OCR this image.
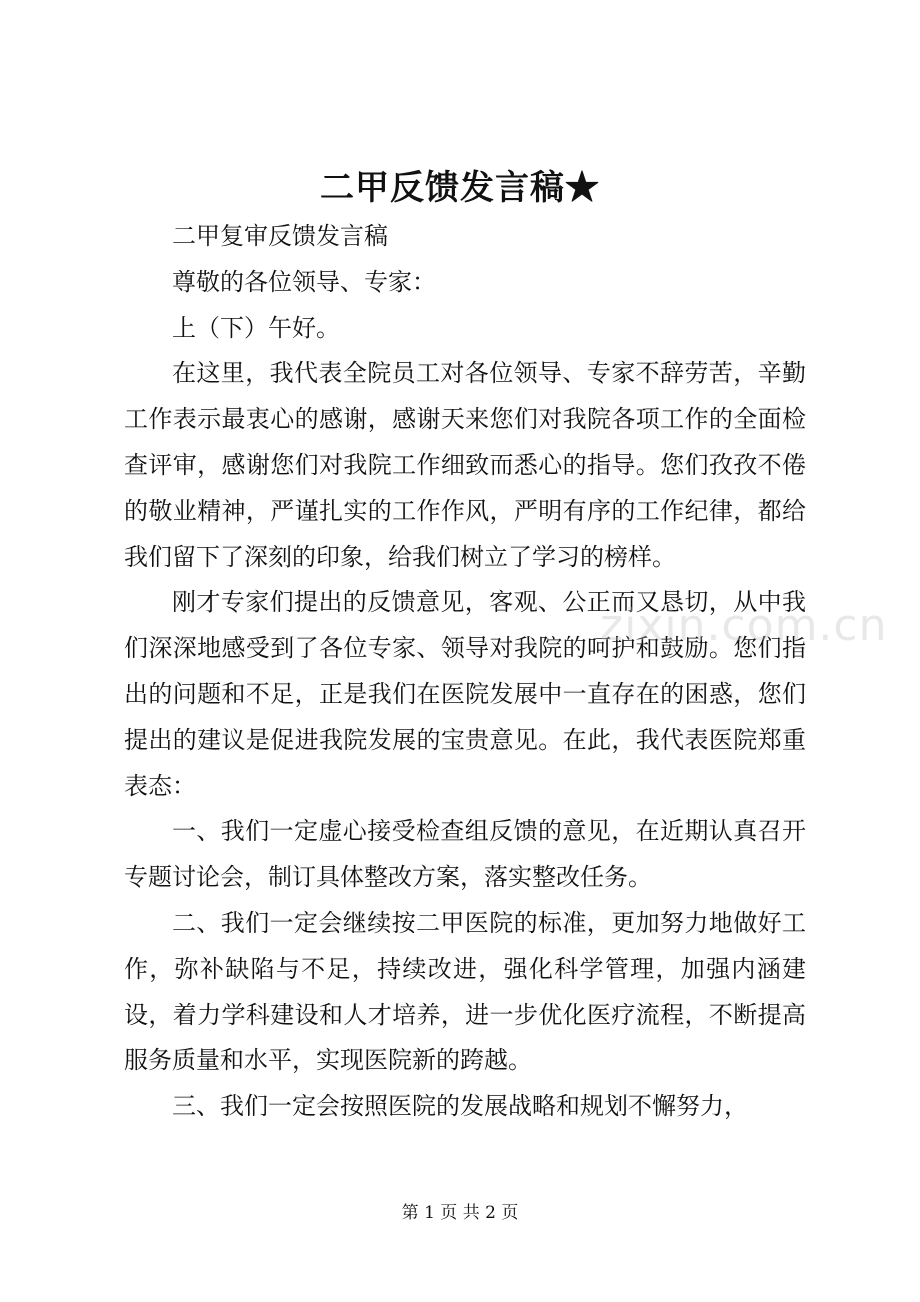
二甲反馈发言稿★

二甲复审反馈发言稿

尊敬的各位领导、专家：

上（下）午好。

在这里，我代表全院员工对各位领导、专家不辞劳苦，辛勤工作表示最衷心的感谢，感谢天来您们对我院各项工作的全面检查评审，感谢您们对我院工作细致而悉心的指导。您们孜孜不倦的敬业精神，严谨扎实的工作作风，严明有序的工作纪律，都给我们留下了深刻的印象，给我们树立了学习的榜样。

刚才专家们提出的反馈意见，客观、公正而又恳切，从中我们深深地感受到了各位专家、领导对我院的呵护和鼓励。您们指出的问题和不足，正是我们在医院发展中一直存在的困惑，您们提出的建议是促进我院发展的宝贵意见。在此，我代表医院郑重表态：

一、我们一定虚心接受检查组反馈的意见，在近期认真召开专题讨论会，制订具体整改方案，落实整改任务。

二、我们一定会继续按二甲医院的标准，更加努力地做好工作，弥补缺陷与不足，持续改进，强化科学管理，加强内涵建设，着力学科建设和人才培养，进一步优化医疗流程，不断提高服务质量和水平，实现医院新的跨越。

三、我们一定会按照医院的发展战略和规划不懈努力，

zixin.com.cn
第 1 页 共 2 页
